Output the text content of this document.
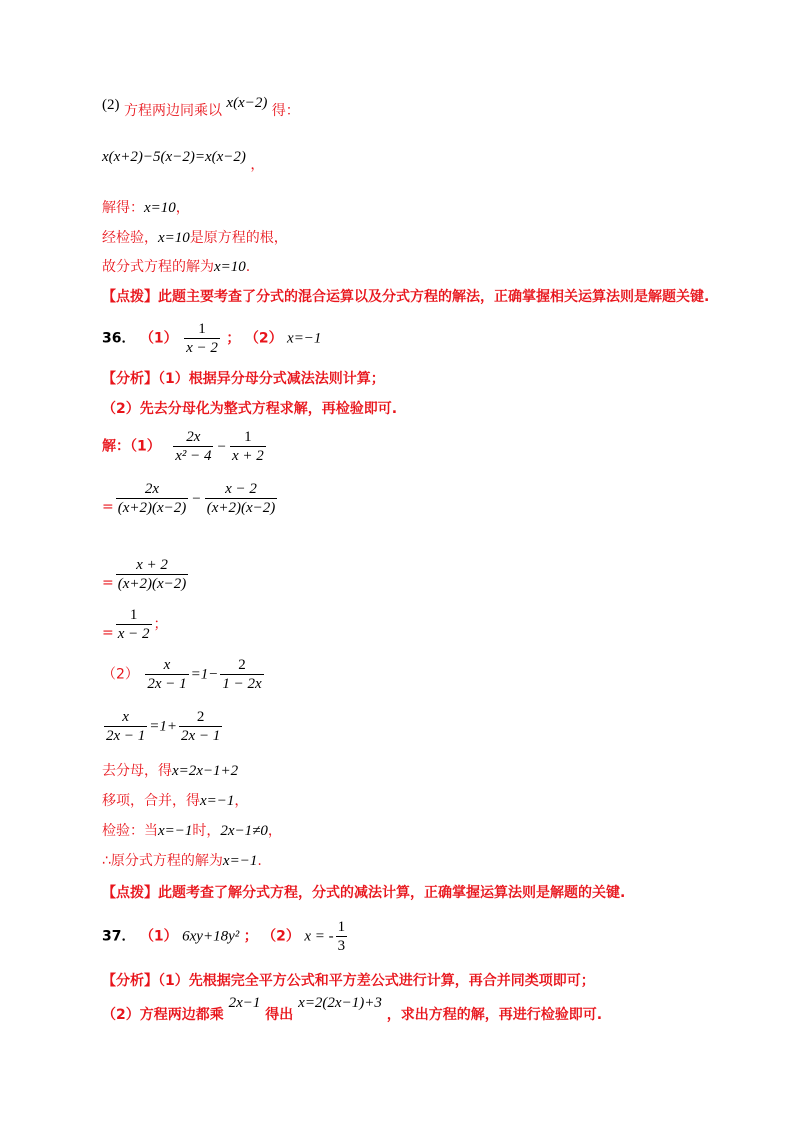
(2) 方程两边同乘以 x(x−2) 得：
x(x+2)−5(x−2)=x(x−2) ，
解得：x=10，
经检验，x=10是原方程的根，
故分式方程的解为x=10.
【点拨】此题主要考查了分式的混合运算以及分式方程的解法，正确掌握相关运算法则是解题关键.
36． $(1) \frac{1}{x - 2}$ ； （2） x=−1
【分析】（1）根据异分母分式减法法则计算；
（2）先去分母化为整式方程求解，再检验即可.
解：$(1) \frac{2x}{\text{x² − 4}} - \frac{1}{x + 2}$
= $\frac{2x}{(x+2)(x-2)} - \frac{x - 2}{(x+2)(x-2)}$
= $\frac{x + 2}{(x+2)(x-2)}$
= $\frac{1}{x - 2}$ ；
$(2) \frac{x}{2x - 1} =1- \frac{2}{1 - 2x}$
$\frac{x}{2x - 1} =1+ \frac{2}{2x - 1}$
去分母，得x=2x−1+2
移项，合并，得x=−1，
检验：当x=−1时，2x−1≠0，
∴原分式方程的解为x=−1.
【点拨】此题考查了解分式方程，分式的减法计算，正确掌握运算法则是解题的关键.
37． （1） 6xy+18y² ； （2） x = - $\frac{1}{3}$
【分析】（1）先根据完全平方公式和平方差公式进行计算，再合并同类项即可；
（2）方程两边都乘 2x−1 得出 x=2(2x−1)+3 ，求出方程的解，再进行检验即可.
